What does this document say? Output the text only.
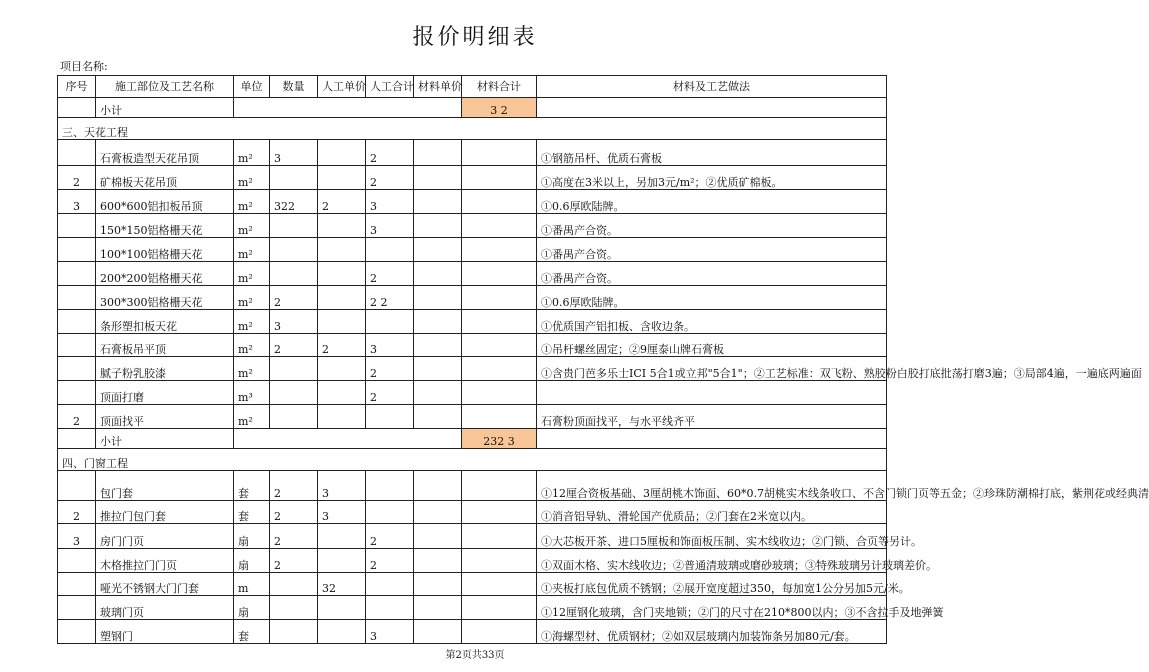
报价明细表
项目名称:
序号	施工部位及工艺名称	单位	数量	人工单价	人工合计	材料单价	材料合计	材料及工艺做法
	小计						3 2	
三、天花工程								
	石膏板造型天花吊顶	m²	3		2			①钢筋吊杆、优质石膏板
2	矿棉板天花吊顶	m²			2			①高度在3米以上，另加3元/m²；②优质矿棉板。
3	600*600铝扣板吊顶	m²	322	2	3			①0.6厚欧陆牌。
	150*150铝格栅天花	m²			3			①番禺产合资。
	100*100铝格栅天花	m²						①番禺产合资。
	200*200铝格栅天花	m²			2			①番禺产合资。
	300*300铝格栅天花	m²	2		2 2			①0.6厚欧陆牌。
	条形塑扣板天花	m²	3					①优质国产铝扣板、含收边条。
	石膏板吊平顶	m²	2	2	3			①吊杆螺丝固定；②9厘泰山牌石膏板
	腻子粉乳胶漆	m²			2			①含贵门芭多乐士ICI 5合1或立邦"5合1"；②工艺标准：双飞粉、熟胶粉白胶打底批荡打磨3遍；③局部4遍，一遍底两遍面
	顶面打磨	m³			2			
2	顶面找平	m²						石膏粉顶面找平，与水平线齐平
	小计						232 3	
四、门窗工程								
	包门套	套	2	3				①12厘合资板基础、3厘胡桃木饰面、60*0.7胡桃实木线条收口、不含门锁门页等五金；②珍珠防潮棉打底，紫荆花或经典清
2	推拉门包门套	套	2	3				①消音铝导轨、滑轮国产优质品；②门套在2米宽以内。
3	房门门页	扇	2		2			①大芯板开茶、进口5厘板和饰面板压制、实木线收边；②门锁、合页等另计。
	木格推拉门门页	扇	2		2			①双面木格、实木线收边；②普通清玻璃或磨砂玻璃；③特殊玻璃另计玻璃差价。
	哑光不锈钢大门门套	m		32				①夹板打底包优质不锈钢；②展开宽度超过350，每加宽1公分另加5元/米。
	玻璃门页	扇						①12厘钢化玻璃，含门夹地锁；②门的尺寸在210*800以内；③不含拉手及地弹簧
	塑钢门	套			3			①海螺型材、优质钢材；②如双层玻璃内加装饰条另加80元/套。
第2页共33页
